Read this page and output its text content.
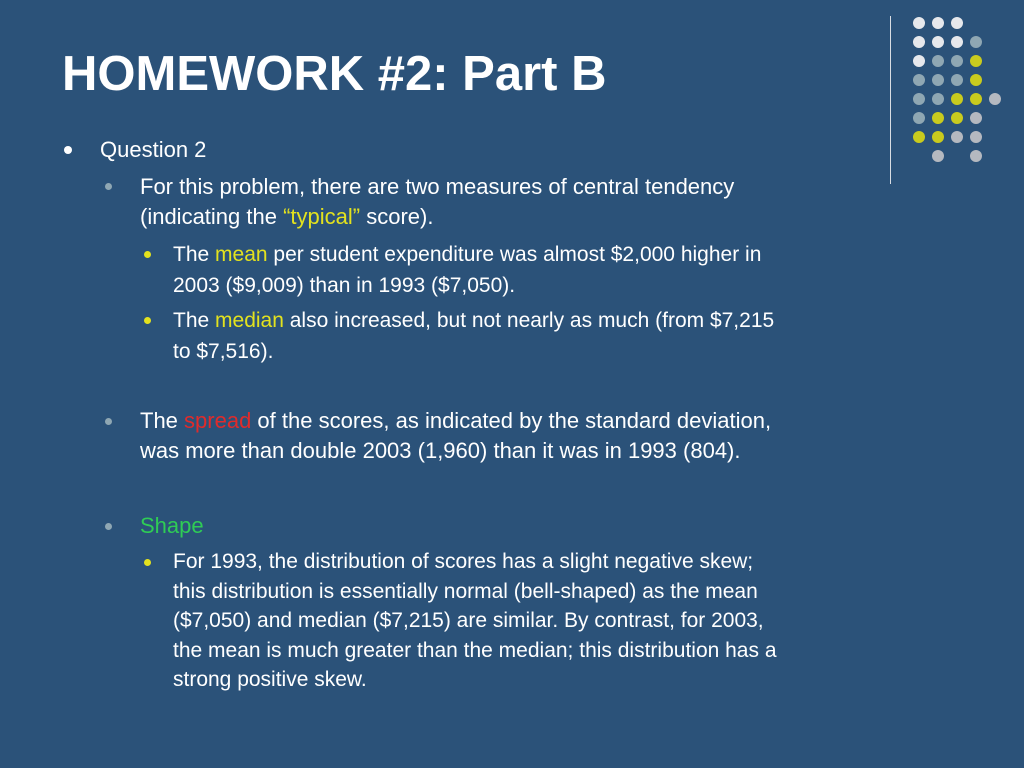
HOMEWORK #2: Part B
Question 2
For this problem, there are two measures of central tendency
(indicating the “typical” score).
The mean per student expenditure was almost $2,000 higher in
2003 ($9,009) than in 1993 ($7,050).
The median also increased, but not nearly as much (from $7,215
to $7,516).
The spread of the scores, as indicated by the standard deviation,
was more than double 2003 (1,960) than it was in 1993 (804).
Shape
For 1993, the distribution of scores has a slight negative skew;
this distribution is essentially normal (bell-shaped) as the mean
($7,050) and median ($7,215) are similar. By contrast, for 2003,
the mean is much greater than the median; this distribution has a
strong positive skew.
